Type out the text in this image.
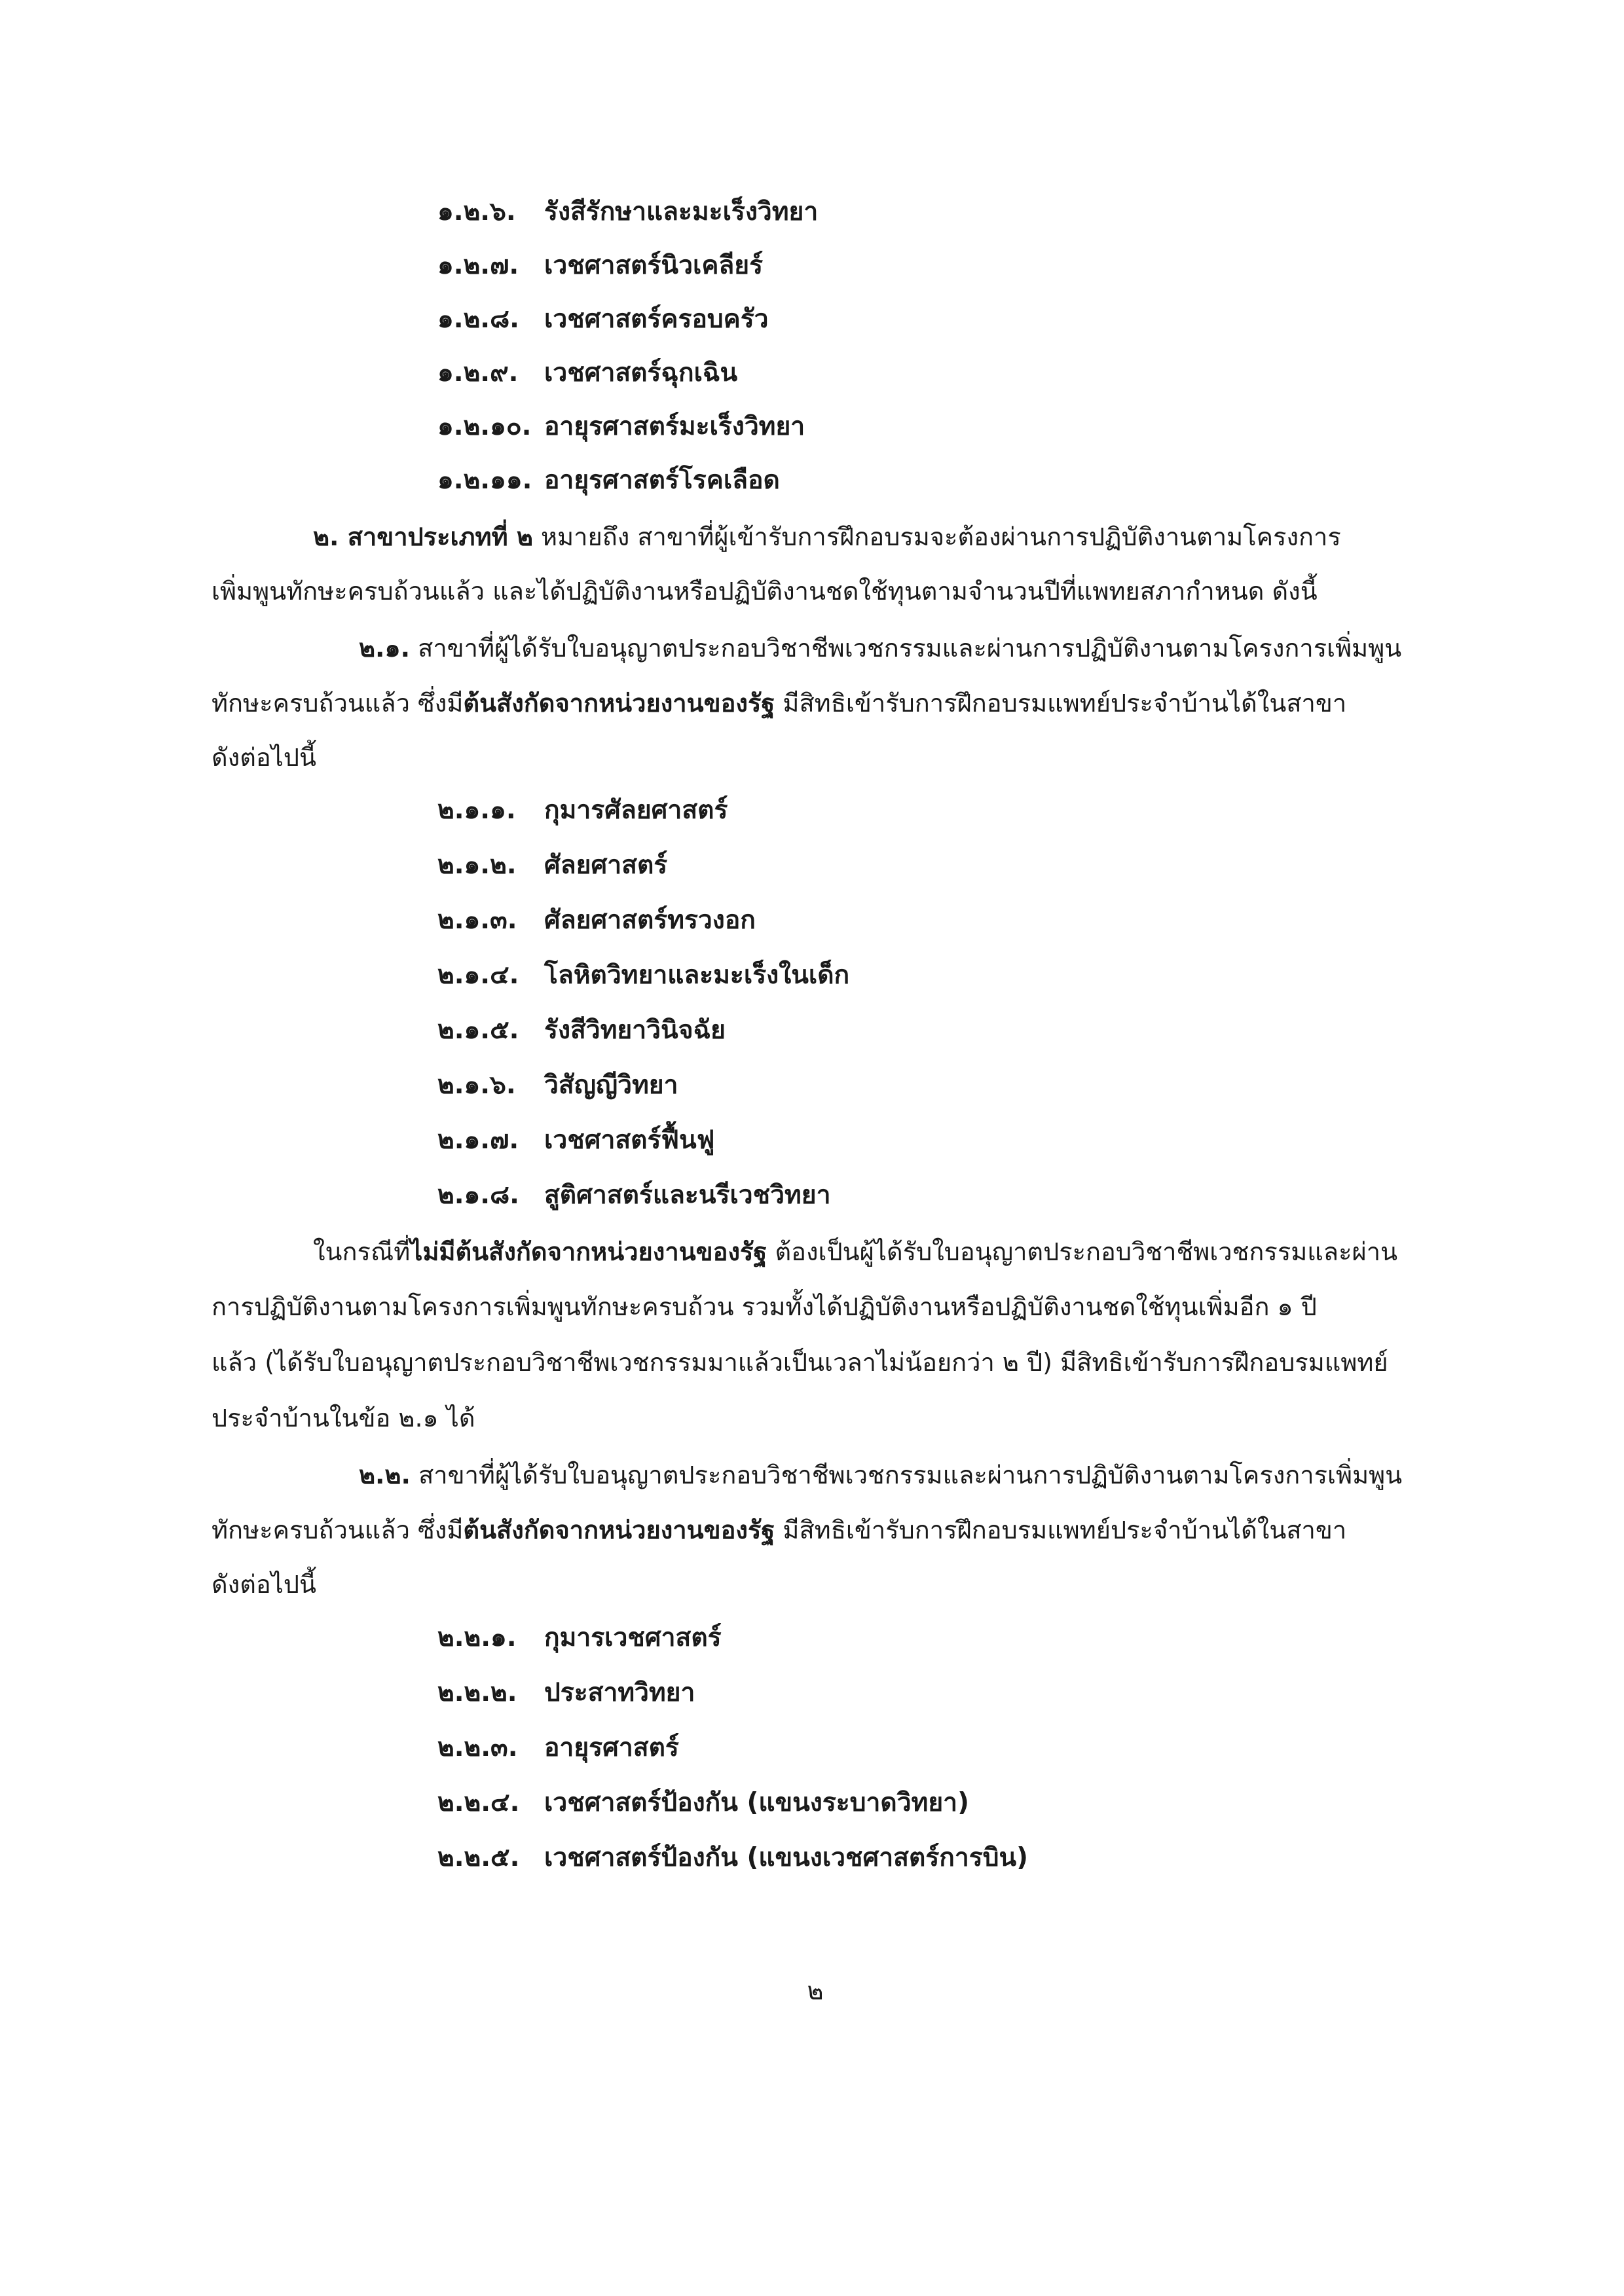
๑.๒.๖.	รังสีรักษาและมะเร็งวิทยา
๑.๒.๗. เวชศาสตร์นิวเคลียร์
๑.๒.๘. เวชศาสตร์ครอบครัว
๑.๒.๙.	เวชศาสตร์ฉุกเฉิน
๑.๒.๑๐. อายุรศาสตร์มะเร็งวิทยา
๑.๒.๑๑. อายุรศาสตร์โรคเลือด
๒. สาขาประเภทที่ ๒
หมายถึง สาขาที่ผู้เข้ารับการฝึกอบรมจะต้องผ่านการปฏิบัติงานตามโครงการ
เพิ่มพูนทักษะครบถ้วนแล้ว และได้ปฏิบัติงานหรือปฏิบัติงานชดใช้ทุนตามจำนวนปีที่แพทยสภากำหนด ดังนี้
๒.๑.
สาขาที่ผู้ได้รับใบอนุญาตประกอบวิชาชีพเวชกรรมและผ่านการปฏิบัติงานตามโครงการเพิ่มพูน
ทักษะครบถ้วนแล้ว ซึ่งมี ต้นสังกัดจากหน่วยงานของรัฐ
มีสิทธิเข้ารับการฝึกอบรมแพทย์ประจำบ้านได้ในสาขา
ดังต่อไปนี้
๒.๑.๑.	กุมารศัลยศาสตร์
๒.๑.๒.	ศัลยศาสตร์
๒.๑.๓.	ศัลยศาสตร์ทรวงอก
๒.๑.๔. โลหิตวิทยาและมะเร็งในเด็ก
๒.๑.๕. รังสีวิทยาวินิจฉัย
๒.๑.๖.	วิสัญญีวิทยา
๒.๑.๗. เวชศาสตร์ฟื้นฟู
๒.๑.๘. สูติศาสตร์และนรีเวชวิทยา
ในกรณีที่ ไม่มีต้นสังกัดจากหน่วยงานของรัฐ
ต้องเป็นผู้ได้รับใบอนุญาตประกอบวิชาชีพเวชกรรมและผ่าน
การปฏิบัติงานตามโครงการเพิ่มพูนทักษะครบถ้วน รวมทั้งได้ปฏิบัติงานหรือปฏิบัติงานชดใช้ทุนเพิ่มอีก ๑ ปี
แล้ว (ได้รับใบอนุญาตประกอบวิชาชีพเวชกรรมมาแล้วเป็นเวลาไม่น้อยกว่า ๒ ปี) มีสิทธิเข้ารับการฝึกอบรมแพทย์
ประจำบ้านในข้อ ๒.๑ ได้
๒.๒.
สาขาที่ผู้ได้รับใบอนุญาตประกอบวิชาชีพเวชกรรมและผ่านการปฏิบัติงานตามโครงการเพิ่มพูน
ทักษะครบถ้วนแล้ว ซึ่งมี ต้นสังกัดจากหน่วยงานของรัฐ
มีสิทธิเข้ารับการฝึกอบรมแพทย์ประจำบ้านได้ในสาขา
ดังต่อไปนี้
๒.๒.๑.	กุมารเวชศาสตร์
๒.๒.๒.	ประสาทวิทยา
๒.๒.๓.	อายุรศาสตร์
๒.๒.๔. เวชศาสตร์ป้องกัน (แขนงระบาดวิทยา)
๒.๒.๕. เวชศาสตร์ป้องกัน (แขนงเวชศาสตร์การบิน)
๒
